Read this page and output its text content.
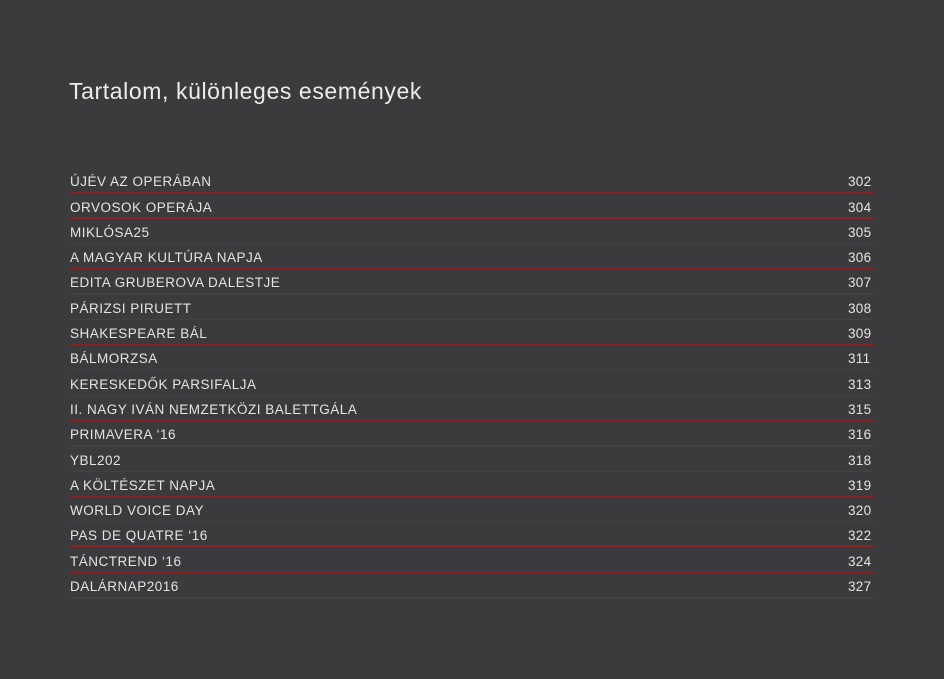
Tartalom, különleges események
ÚJÉV AZ OPERÁBAN	302
ORVOSOK OPERÁJA	304
MIKLÓSA25	305
A MAGYAR KULTÚRA NAPJA	306
EDITA GRUBEROVA DALESTJE	307
PÁRIZSI PIRUETT	308
SHAKESPEARE BÁL	309
BÁLMORZSA	311
KERESKEDŐK PARSIFALJA	313
II. NAGY IVÁN NEMZETKÖZI BALETTGÁLA	315
PRIMAVERA ‘16	316
YBL202	318
A KÖLTÉSZET NAPJA	319
WORLD VOICE DAY	320
PAS DE QUATRE ‘16	322
TÁNCTREND ‘16	324
DALÁRNAP2016	327
